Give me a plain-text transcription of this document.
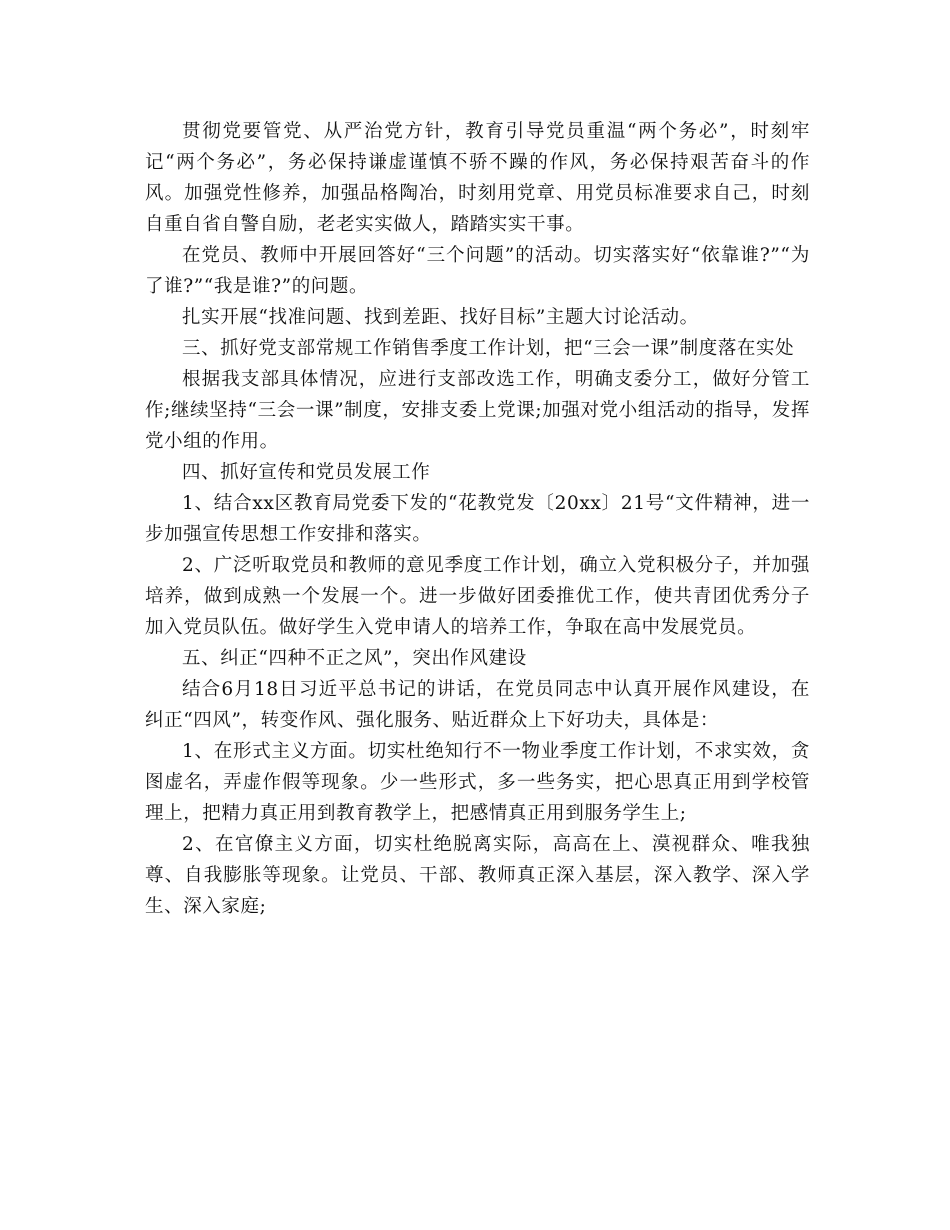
贯彻党要管党、从严治党方针，教育引导党员重温“两个务必”，时刻牢记“两个务必”，务必保持谦虚谨慎不骄不躁的作风，务必保持艰苦奋斗的作风。加强党性修养，加强品格陶冶，时刻用党章、用党员标准要求自己，时刻自重自省自警自励，老老实实做人，踏踏实实干事。

在党员、教师中开展回答好“三个问题”的活动。切实落实好“依靠谁?”“为了谁?”“我是谁?”的问题。

扎实开展“找准问题、找到差距、找好目标”主题大讨论活动。

三、抓好党支部常规工作销售季度工作计划，把“三会一课”制度落在实处

根据我支部具体情况，应进行支部改选工作，明确支委分工，做好分管工作;继续坚持“三会一课”制度，安排支委上党课;加强对党小组活动的指导，发挥党小组的作用。

四、抓好宣传和党员发展工作

1、结合xx区教育局党委下发的“花教党发〔20xx〕21号“文件精神，进一步加强宣传思想工作安排和落实。

2、广泛听取党员和教师的意见季度工作计划，确立入党积极分子，并加强培养，做到成熟一个发展一个。进一步做好团委推优工作，使共青团优秀分子加入党员队伍。做好学生入党申请人的培养工作，争取在高中发展党员。

五、纠正“四种不正之风”，突出作风建设

结合6月18日习近平总书记的讲话，在党员同志中认真开展作风建设，在纠正“四风”，转变作风、强化服务、贴近群众上下好功夫，具体是：

1、在形式主义方面。切实杜绝知行不一物业季度工作计划，不求实效，贪图虚名，弄虚作假等现象。少一些形式，多一些务实，把心思真正用到学校管理上，把精力真正用到教育教学上，把感情真正用到服务学生上;

2、在官僚主义方面，切实杜绝脱离实际，高高在上、漠视群众、唯我独尊、自我膨胀等现象。让党员、干部、教师真正深入基层，深入教学、深入学生、深入家庭;
